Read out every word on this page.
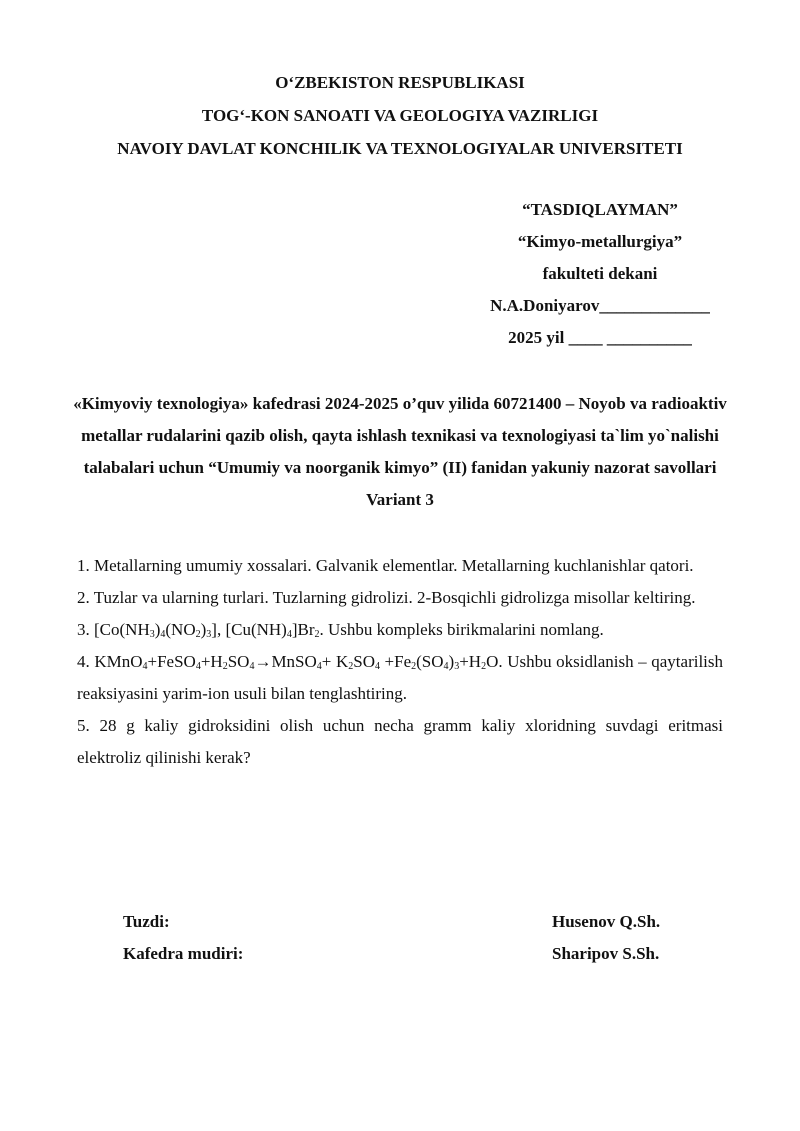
O‘ZBEKISTON RESPUBLIKASI
TOG‘-KON SANOATI VA GEOLOGIYA VAZIRLIGI
NAVOIY DAVLAT KONCHILIK VA TEXNOLOGIYALAR UNIVERSITETI
“TASDIQLAYMAN”
“Kimyo-metallurgiya”
fakulteti dekani
N.A.Doniyarov_____________
2025 yil ____ __________
«Kimyoviy texnologiya» kafedrasi 2024-2025 o’quv yilida 60721400 – Noyob va radioaktiv metallar rudalarini qazib olish, qayta ishlash texnikasi va texnologiyasi ta`lim yo`nalishi talabalari uchun “Umumiy va noorganik kimyo” (II) fanidan yakuniy nazorat savollari
Variant 3
1. Metallarning umumiy xossalari. Galvanik elementlar. Metallarning kuchlanishlar qatori.
2. Tuzlar va ularning turlari. Tuzlarning gidrolizi. 2-Bosqichli gidrolizga misollar keltiring.
3. $[Co(NH_3)_4(NO_2)_3]$, $[Cu(NH)_4]Br_2$. Ushbu kompleks birikmalarini nomlang.
4. $KMnO_4+FeSO_4+H_2SO_4\to MnSO_4+ K_2SO_4 +Fe_2(SO_4)_3+H_2O$. Ushbu oksidlanish – qaytarilish reaksiyasini yarim-ion usuli bilan tenglashtiring.
5. 28 g kaliy gidroksidini olish uchun necha gramm kaliy xloridning suvdagi eritmasi elektroliz qilinishi kerak?
Tuzdi:	Husenov Q.Sh.
Kafedra mudiri:	Sharipov S.Sh.
